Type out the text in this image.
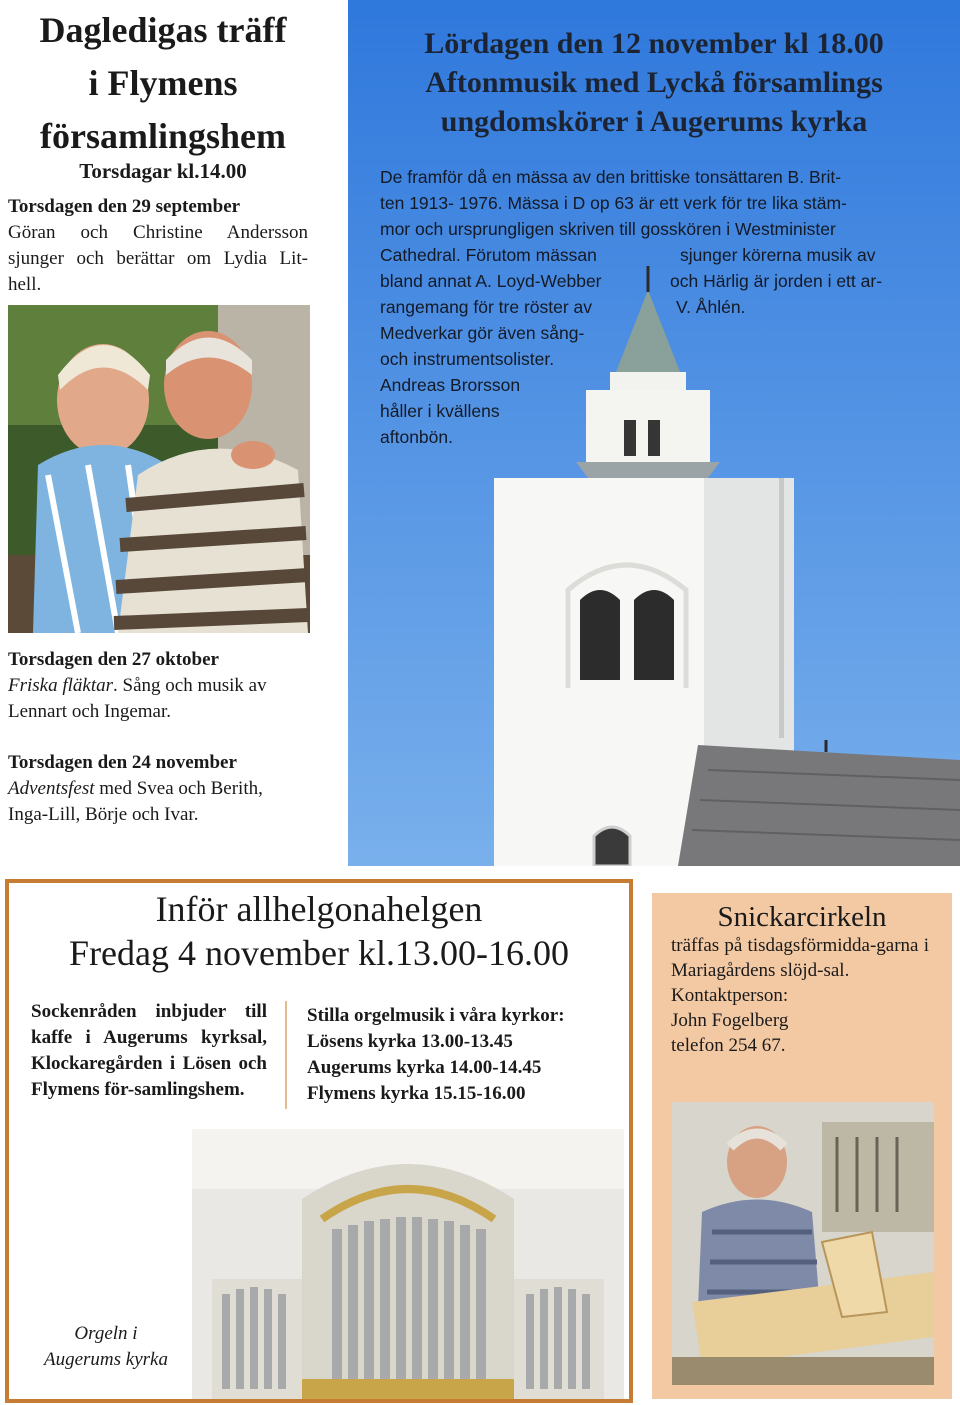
Dagledigas träff
i Flymens
församlingshem
Torsdagar kl.14.00
Torsdagen den 29 september
Göran och Christine Andersson
sjunger och berättar om Lydia Lit-
hell.
Torsdagen den 27 oktober
Friska fläktar. Sång och musik av
Lennart och Ingemar.
Torsdagen den 24 november
Adventsfest med Svea och Berith,
Inga-Lill, Börje och Ivar.
Lördagen den 12 november kl 18.00
Aftonmusik med Lyckå församlings
ungdomskörer i Augerums kyrka
De framför då en mässa av den brittiske tonsättaren B. Brit-
ten 1913- 1976. Mässa i D op 63 är ett verk för tre lika stäm-
mor och ursprungligen skriven till gosskören i Westminister
Cathedral. Förutom mässan	sjunger körerna musik av
bland annat A. Loyd-Webber	och Härlig är jorden i ett ar-
rangemang för tre röster av	V. Åhlén.
Medverkar gör även sång-
och instrumentsolister.
Andreas Brorsson
håller i kvällens
aftonbön.
Inför allhelgonahelgen
Fredag 4 november kl.13.00-16.00
Sockenråden inbjuder till kaffe i Augerums kyrksal, Klockaregården i Lösen och Flymens för-samlingshem.
Stilla orgelmusik i våra kyrkor:
Lösens kyrka 13.00-13.45
Augerums kyrka 14.00-14.45
Flymens kyrka 15.15-16.00
Orgeln i
Augerums kyrka
Snickarcirkeln
träffas på tisdagsförmidda-garna i Mariagårdens slöjd-sal.
Kontaktperson:
John Fogelberg
telefon 254 67.
